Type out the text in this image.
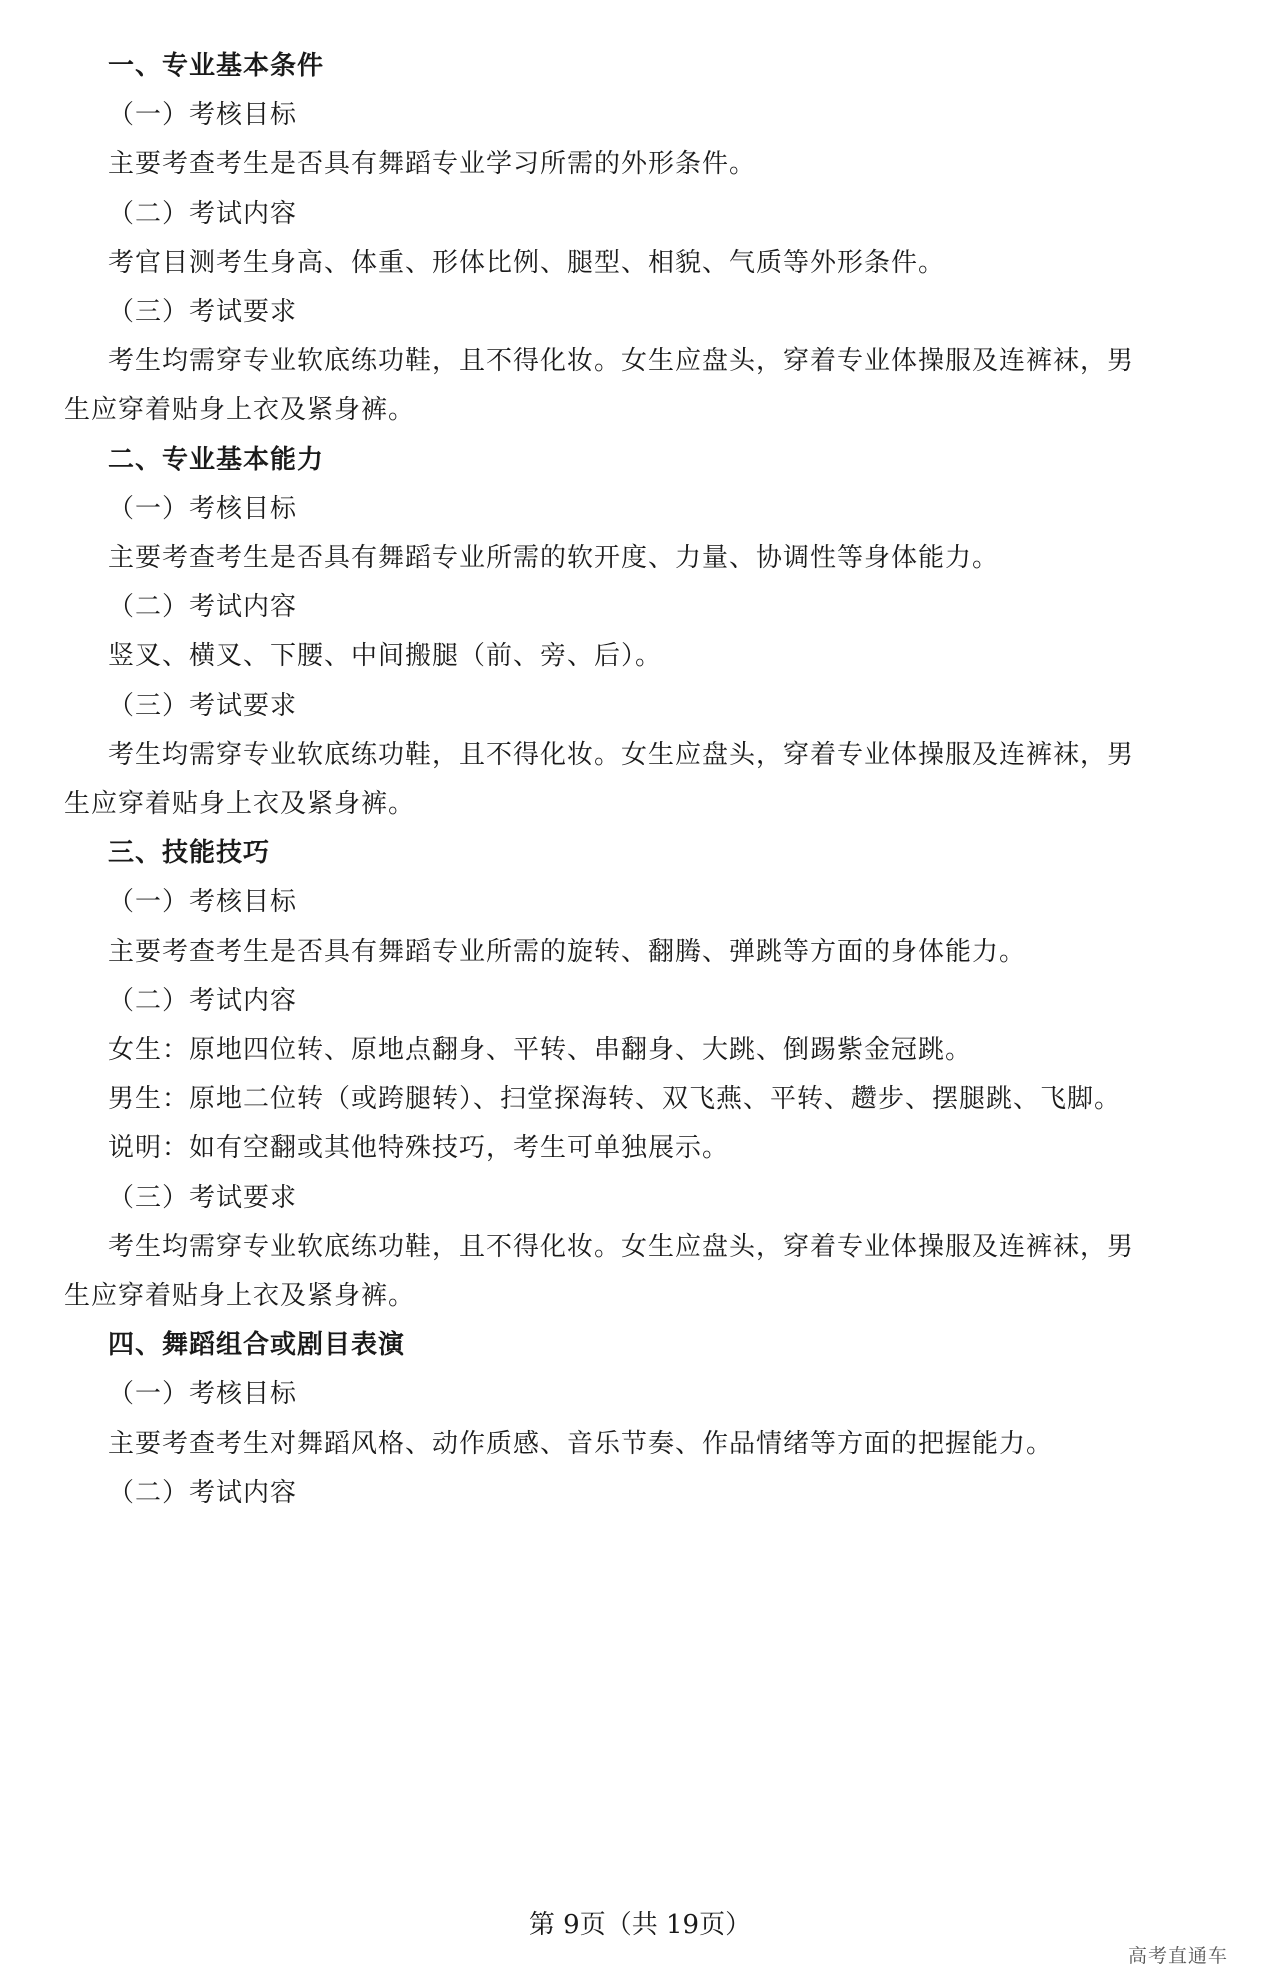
一、专业基本条件
（一）考核目标
主要考查考生是否具有舞蹈专业学习所需的外形条件。
（二）考试内容
考官目测考生身高、体重、形体比例、腿型、相貌、气质等外形条件。
（三）考试要求
考生均需穿专业软底练功鞋，且不得化妆。女生应盘头，穿着专业体操服及连裤袜，男
生应穿着贴身上衣及紧身裤。
二、专业基本能力
（一）考核目标
主要考查考生是否具有舞蹈专业所需的软开度、力量、协调性等身体能力。
（二）考试内容
竖叉、横叉、下腰、中间搬腿（前、旁、后）。
（三）考试要求
考生均需穿专业软底练功鞋，且不得化妆。女生应盘头，穿着专业体操服及连裤袜，男
生应穿着贴身上衣及紧身裤。
三、技能技巧
（一）考核目标
主要考查考生是否具有舞蹈专业所需的旋转、翻腾、弹跳等方面的身体能力。
（二）考试内容
女生：原地四位转、原地点翻身、平转、串翻身、大跳、倒踢紫金冠跳。
男生：原地二位转（或跨腿转）、扫堂探海转、双飞燕、平转、趱步、摆腿跳、飞脚。
说明：如有空翻或其他特殊技巧，考生可单独展示。
（三）考试要求
考生均需穿专业软底练功鞋，且不得化妆。女生应盘头，穿着专业体操服及连裤袜，男
生应穿着贴身上衣及紧身裤。
四、舞蹈组合或剧目表演
（一）考核目标
主要考查考生对舞蹈风格、动作质感、音乐节奏、作品情绪等方面的把握能力。
（二）考试内容
第 9页（共 19页）
高考直通车
